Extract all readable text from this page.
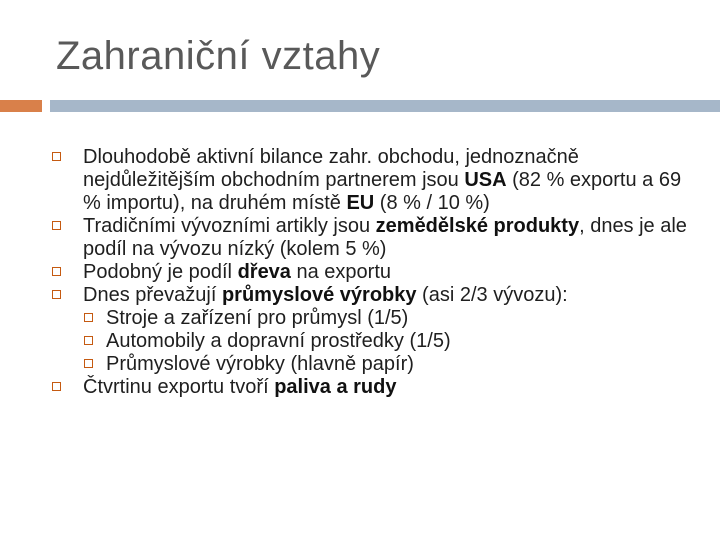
Zahraniční vztahy
Dlouhodobě aktivní bilance zahr. obchodu, jednoznačně nejdůležitějším obchodním partnerem jsou USA (82 % exportu a 69 % importu), na druhém místě EU (8 % / 10 %)
Tradičními vývozními artikly jsou zemědělské produkty, dnes je ale podíl na vývozu nízký (kolem 5 %)
Podobný je podíl dřeva na exportu
Dnes převažují průmyslové výrobky (asi 2/3 vývozu):
Stroje a zařízení pro průmysl (1/5)
Automobily a dopravní prostředky (1/5)
Průmyslové výrobky (hlavně papír)
Čtvrtinu exportu tvoří paliva a rudy
